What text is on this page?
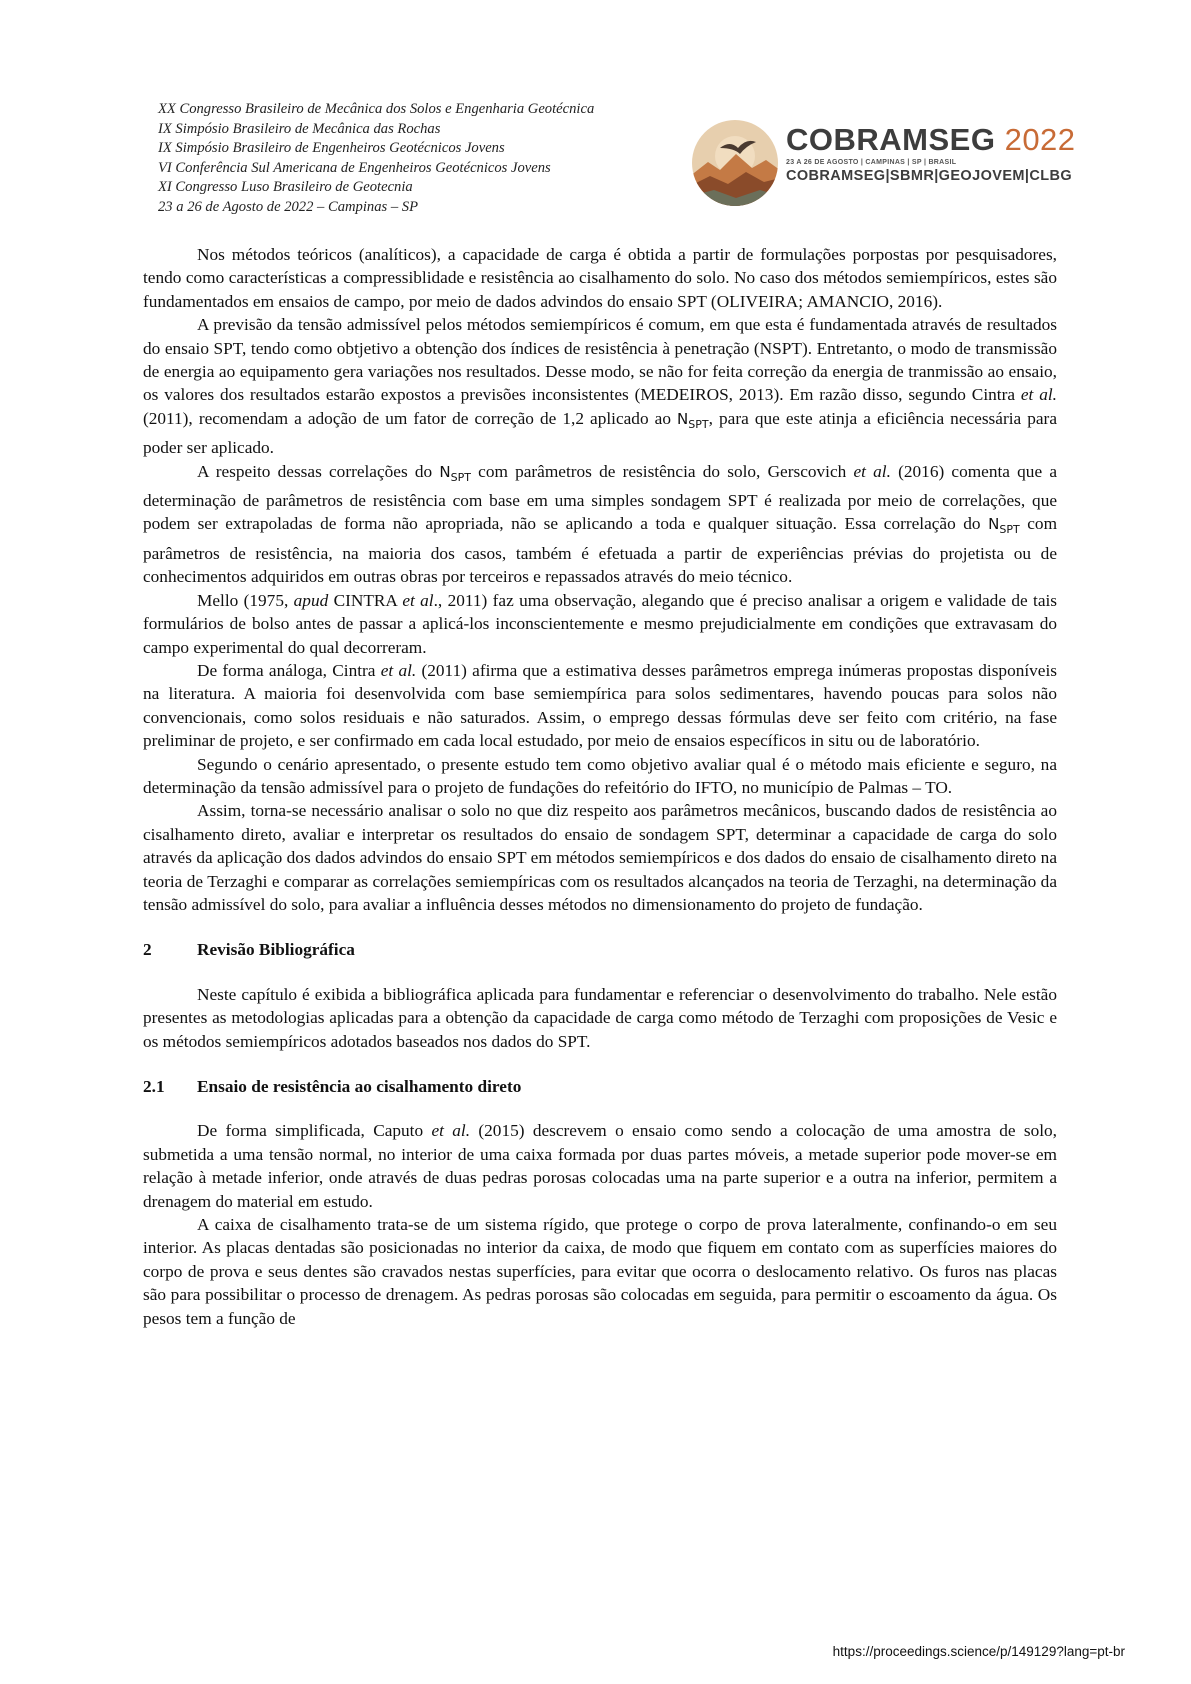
XX Congresso Brasileiro de Mecânica dos Solos e Engenharia Geotécnica
IX Simpósio Brasileiro de Mecânica das Rochas
IX Simpósio Brasileiro de Engenheiros Geotécnicos Jovens
VI Conferência Sul Americana de Engenheiros Geotécnicos Jovens
XI Congresso Luso Brasileiro de Geotecnia
23 a 26 de Agosto de 2022 – Campinas – SP
COBRAMSEG 2022
23 A 26 DE AGOSTO | CAMPINAS | SP | BRASIL
COBRAMSEG|SBMR|GEOJOVEM|CLBG

Nos métodos teóricos (analíticos), a capacidade de carga é obtida a partir de formulações porpostas por pesquisadores, tendo como características a compressiblidade e resistência ao cisalhamento do solo. No caso dos métodos semiempíricos, estes são fundamentados em ensaios de campo, por meio de dados advindos do ensaio SPT (OLIVEIRA; AMANCIO, 2016).

A previsão da tensão admissível pelos métodos semiempíricos é comum, em que esta é fundamentada através de resultados do ensaio SPT, tendo como obtjetivo a obtenção dos índices de resistência à penetração (NSPT). Entretanto, o modo de transmissão de energia ao equipamento gera variações nos resultados. Desse modo, se não for feita correção da energia de tranmissão ao ensaio, os valores dos resultados estarão expostos a previsões inconsistentes (MEDEIROS, 2013). Em razão disso, segundo Cintra et al. (2011), recomendam a adoção de um fator de correção de 1,2 aplicado ao $N_{SPT}$, para que este atinja a eficiência necessária para poder ser aplicado.

A respeito dessas correlações do $N_{SPT}$ com parâmetros de resistência do solo, Gerscovich et al. (2016) comenta que a determinação de parâmetros de resistência com base em uma simples sondagem SPT é realizada por meio de correlações, que podem ser extrapoladas de forma não apropriada, não se aplicando a toda e qualquer situação. Essa correlação do $N_{SPT}$ com parâmetros de resistência, na maioria dos casos, também é efetuada a partir de experiências prévias do projetista ou de conhecimentos adquiridos em outras obras por terceiros e repassados através do meio técnico.

Mello (1975, apud CINTRA et al., 2011) faz uma observação, alegando que é preciso analisar a origem e validade de tais formulários de bolso antes de passar a aplicá-los inconscientemente e mesmo prejudicialmente em condições que extravasam do campo experimental do qual decorreram.

De forma análoga, Cintra et al. (2011) afirma que a estimativa desses parâmetros emprega inúmeras propostas disponíveis na literatura. A maioria foi desenvolvida com base semiempírica para solos sedimentares, havendo poucas para solos não convencionais, como solos residuais e não saturados. Assim, o emprego dessas fórmulas deve ser feito com critério, na fase preliminar de projeto, e ser confirmado em cada local estudado, por meio de ensaios específicos in situ ou de laboratório.

Segundo o cenário apresentado, o presente estudo tem como objetivo avaliar qual é o método mais eficiente e seguro, na determinação da tensão admissível para o projeto de fundações do refeitório do IFTO, no município de Palmas – TO.

Assim, torna-se necessário analisar o solo no que diz respeito aos parâmetros mecânicos, buscando dados de resistência ao cisalhamento direto, avaliar e interpretar os resultados do ensaio de sondagem SPT, determinar a capacidade de carga do solo através da aplicação dos dados advindos do ensaio SPT em métodos semiempíricos e dos dados do ensaio de cisalhamento direto na teoria de Terzaghi e comparar as correlações semiempíricas com os resultados alcançados na teoria de Terzaghi, na determinação da tensão admissível do solo, para avaliar a influência desses métodos no dimensionamento do projeto de fundação.

2	Revisão Bibliográfica

Neste capítulo é exibida a bibliográfica aplicada para fundamentar e referenciar o desenvolvimento do trabalho. Nele estão presentes as metodologias aplicadas para a obtenção da capacidade de carga como método de Terzaghi com proposições de Vesic e os métodos semiempíricos adotados baseados nos dados do SPT.

2.1	Ensaio de resistência ao cisalhamento direto

De forma simplificada, Caputo et al. (2015) descrevem o ensaio como sendo a colocação de uma amostra de solo, submetida a uma tensão normal, no interior de uma caixa formada por duas partes móveis, a metade superior pode mover-se em relação à metade inferior, onde através de duas pedras porosas colocadas uma na parte superior e a outra na inferior, permitem a drenagem do material em estudo.

A caixa de cisalhamento trata-se de um sistema rígido, que protege o corpo de prova lateralmente, confinando-o em seu interior. As placas dentadas são posicionadas no interior da caixa, de modo que fiquem em contato com as superfícies maiores do corpo de prova e seus dentes são cravados nestas superfícies, para evitar que ocorra o deslocamento relativo. Os furos nas placas são para possibilitar o processo de drenagem. As pedras porosas são colocadas em seguida, para permitir o escoamento da água. Os pesos tem a função de

https://proceedings.science/p/149129?lang=pt-br
